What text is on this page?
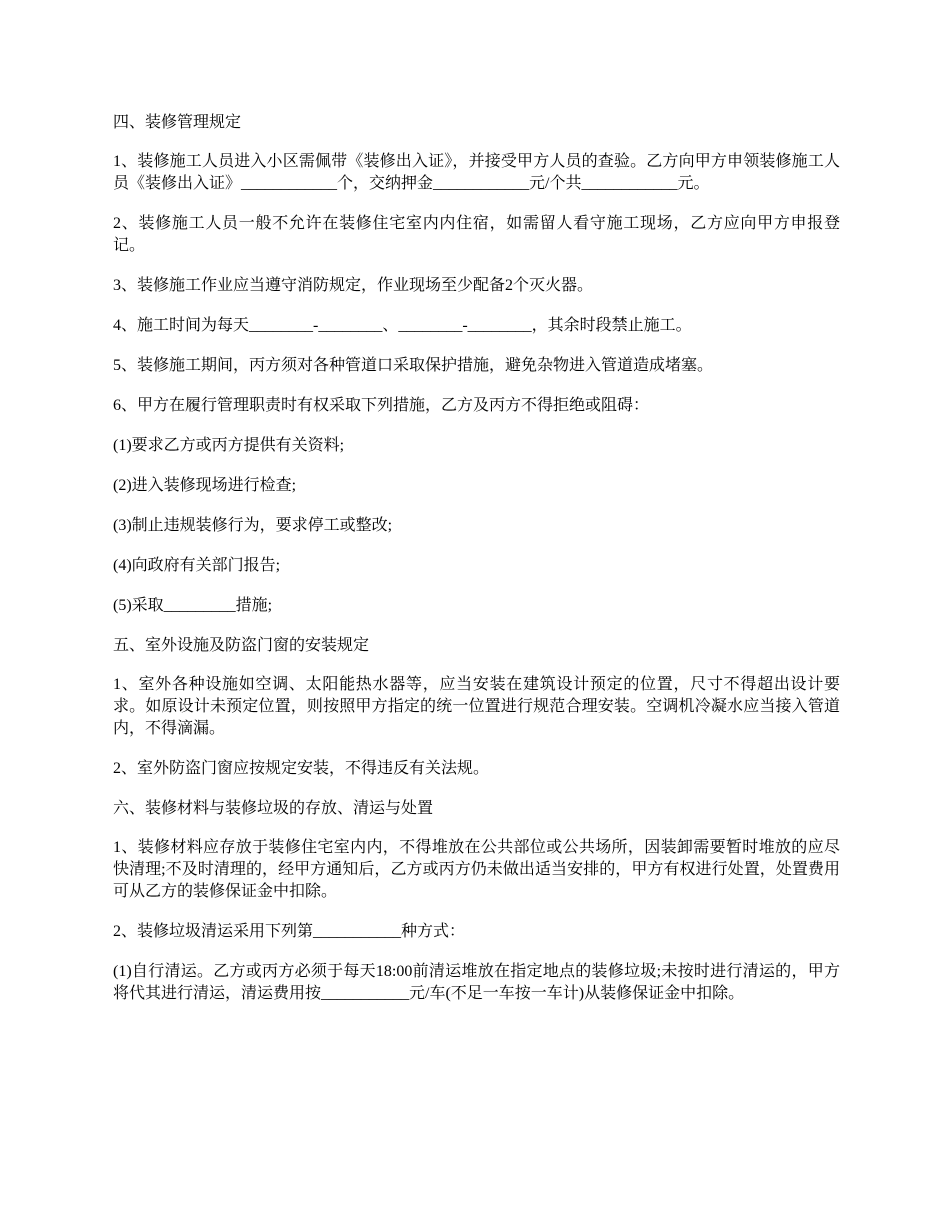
四、装修管理规定

1、装修施工人员进入小区需佩带《装修出入证》，并接受甲方人员的查验。乙方向甲方申领装修施工人员《装修出入证》____________个，交纳押金____________元/个共____________元。

2、装修施工人员一般不允许在装修住宅室内内住宿，如需留人看守施工现场，乙方应向甲方申报登记。

3、装修施工作业应当遵守消防规定，作业现场至少配备2个灭火器。

4、施工时间为每天________-________、________-________，其余时段禁止施工。

5、装修施工期间，丙方须对各种管道口采取保护措施，避免杂物进入管道造成堵塞。

6、甲方在履行管理职责时有权采取下列措施，乙方及丙方不得拒绝或阻碍：

(1)要求乙方或丙方提供有关资料;

(2)进入装修现场进行检查;

(3)制止违规装修行为，要求停工或整改;

(4)向政府有关部门报告;

(5)采取_________措施;

五、室外设施及防盗门窗的安装规定

1、室外各种设施如空调、太阳能热水器等，应当安装在建筑设计预定的位置，尺寸不得超出设计要求。如原设计未预定位置，则按照甲方指定的统一位置进行规范合理安装。空调机冷凝水应当接入管道内，不得滴漏。

2、室外防盗门窗应按规定安装，不得违反有关法规。

六、装修材料与装修垃圾的存放、清运与处置

1、装修材料应存放于装修住宅室内内，不得堆放在公共部位或公共场所，因装卸需要暂时堆放的应尽快清理;不及时清理的，经甲方通知后，乙方或丙方仍未做出适当安排的，甲方有权进行处置，处置费用可从乙方的装修保证金中扣除。

2、装修垃圾清运采用下列第___________种方式：

(1)自行清运。乙方或丙方必须于每天18:00前清运堆放在指定地点的装修垃圾;未按时进行清运的，甲方将代其进行清运，清运费用按___________元/车(不足一车按一车计)从装修保证金中扣除。
